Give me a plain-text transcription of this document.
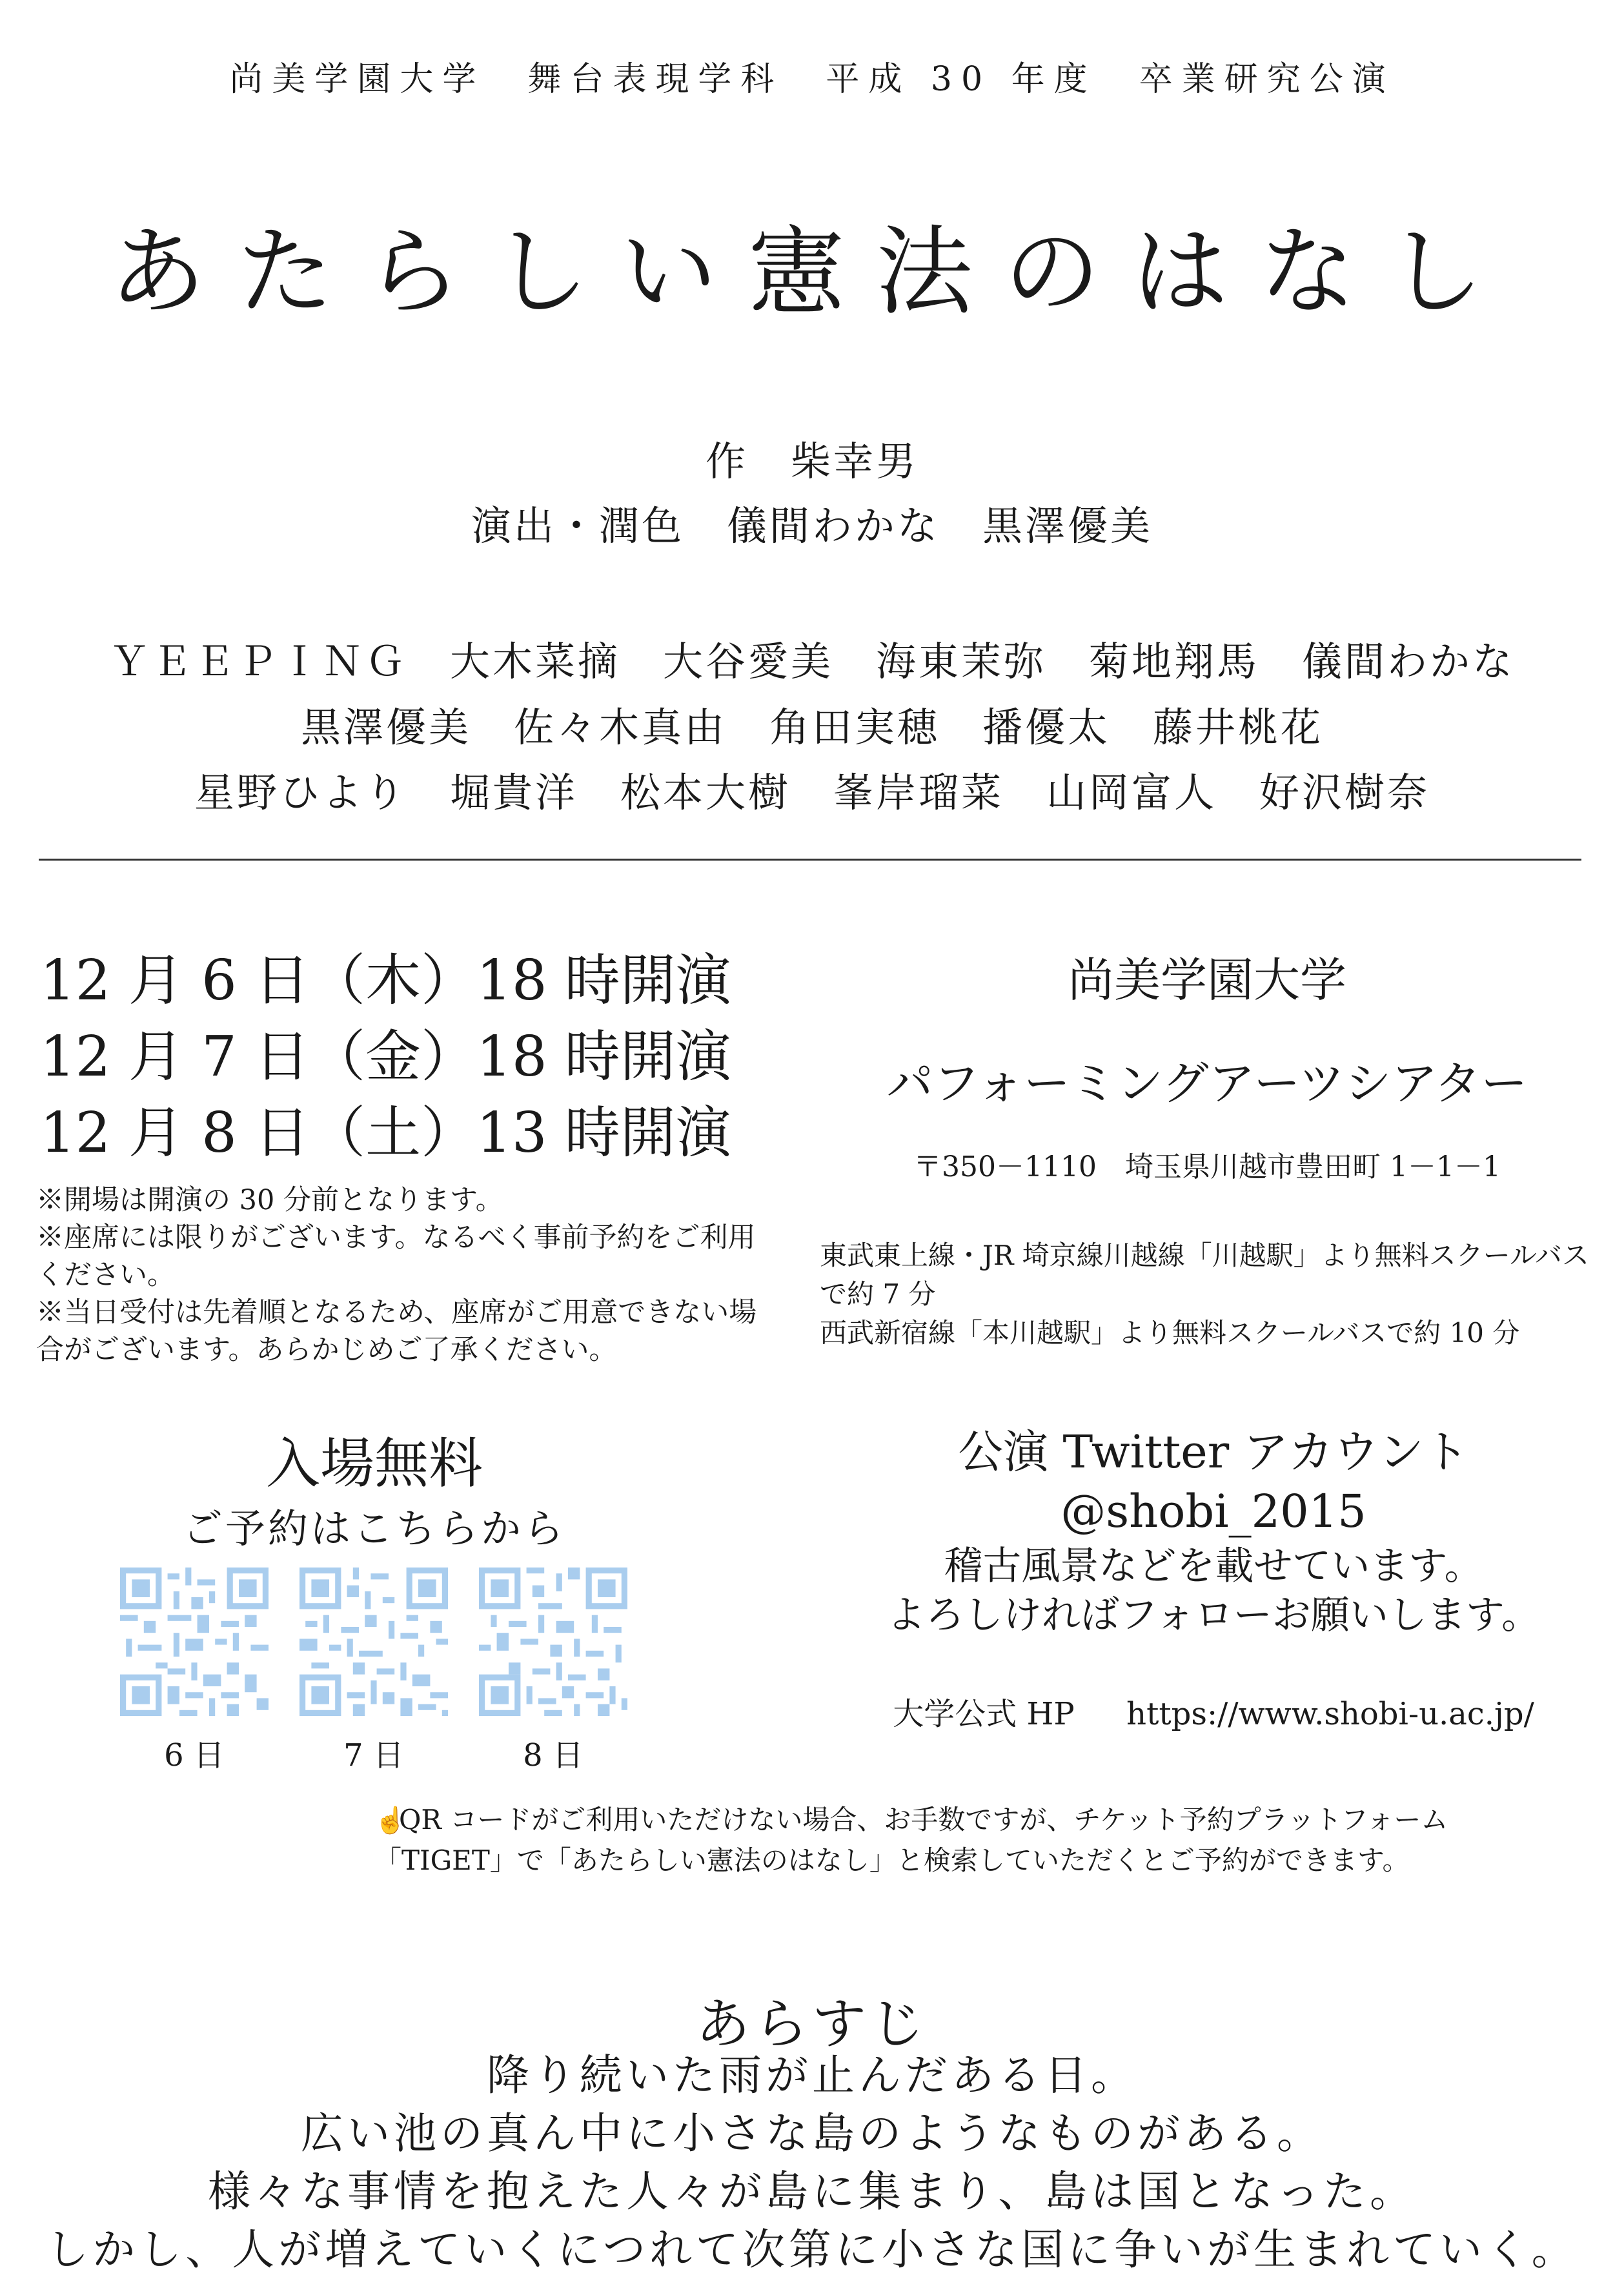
尚美学園大学　舞台表現学科　平成 30 年度　卒業研究公演
あたらしい憲法のはなし
作　柴幸男
演出・潤色　儀間わかな　黒澤優美
ＹＥＥＰＩＮＧ　大木菜摘　大谷愛美　海東茉弥　菊地翔馬　儀間わかな
黒澤優美　佐々木真由　角田実穂　播優太　藤井桃花
星野ひより　堀貴洋　松本大樹　峯岸瑠菜　山岡富人　好沢樹奈
12 月 6 日（木）18 時開演
12 月 7 日（金）18 時開演
12 月 8 日（土）13 時開演
※開場は開演の 30 分前となります。
※座席には限りがございます。なるべく事前予約をご利用ください。
※当日受付は先着順となるため、座席がご用意できない場合がございます。あらかじめご了承ください。
尚美学園大学
パフォーミングアーツシアター
〒350－1110　埼玉県川越市豊田町 1－1－1
東武東上線・JR 埼京線川越線「川越駅」より無料スクールバスで約 7 分
西武新宿線「本川越駅」より無料スクールバスで約 10 分
入場無料
ご予約はこちらから
6 日	7 日	8 日
公演 Twitter アカウント
@shobi_2015
稽古風景などを載せています。
よろしければフォローお願いします。
大学公式 HP https://www.shobi-u.ac.jp/
☝QR コードがご利用いただけない場合、お手数ですが、チケット予約プラットフォーム
「TIGET」で「あたらしい憲法のはなし」と検索していただくとご予約ができます。
あらすじ
降り続いた雨が止んだある日。
広い池の真ん中に小さな島のようなものがある。
様々な事情を抱えた人々が島に集まり、島は国となった。
しかし、人が増えていくにつれて次第に小さな国に争いが生まれていく。
